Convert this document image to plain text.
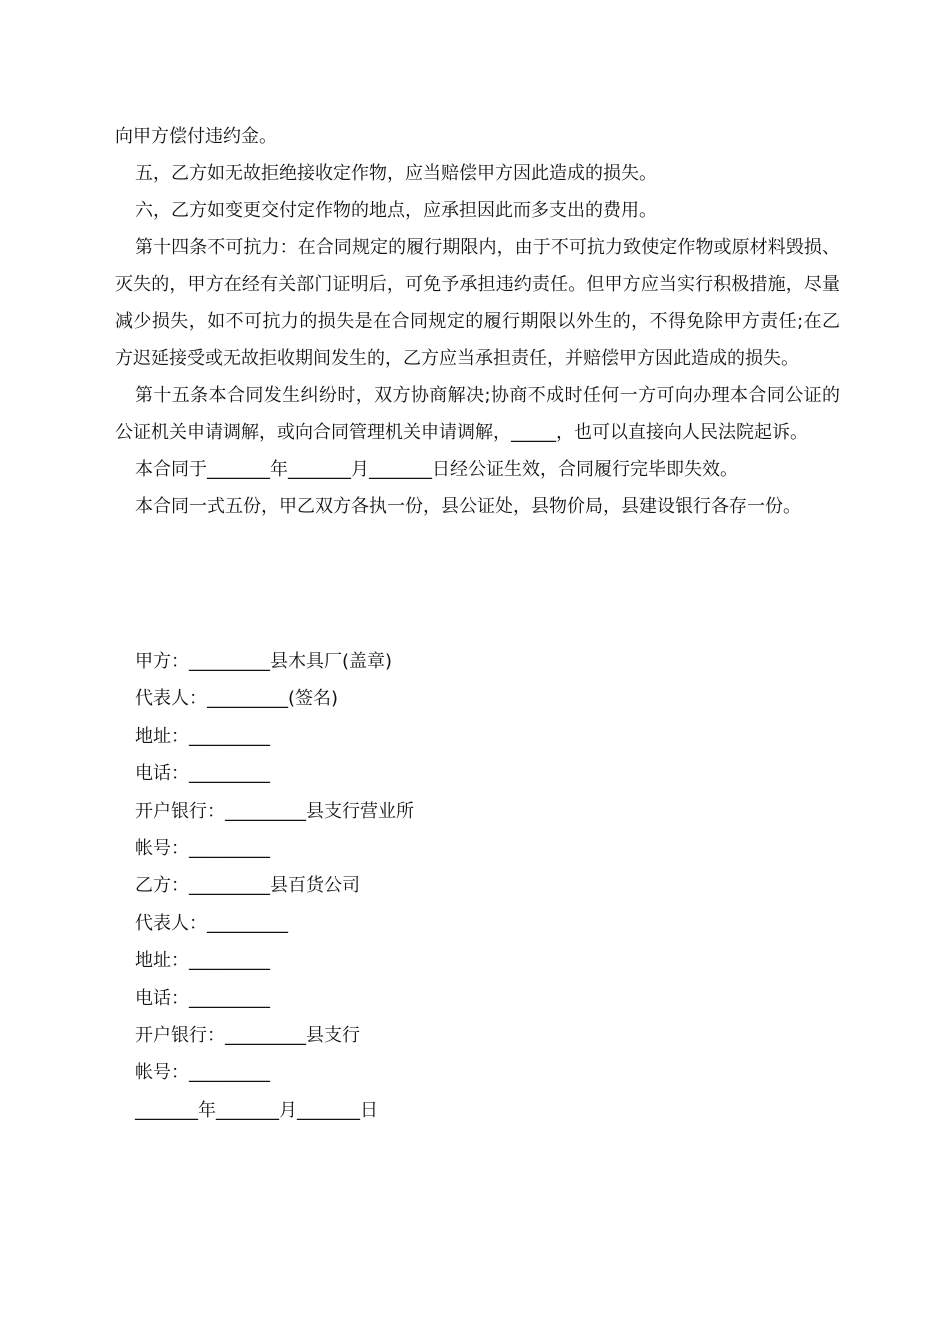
向甲方偿付违约金。

五，乙方如无故拒绝接收定作物，应当赔偿甲方因此造成的损失。

六，乙方如变更交付定作物的地点，应承担因此而多支出的费用。

第十四条不可抗力：在合同规定的履行期限内，由于不可抗力致使定作物或原材料毁损、灭失的，甲方在经有关部门证明后，可免予承担违约责任。但甲方应当实行积极措施，尽量减少损失，如不可抗力的损失是在合同规定的履行期限以外生的，不得免除甲方责任;在乙方迟延接受或无故拒收期间发生的，乙方应当承担责任，并赔偿甲方因此造成的损失。

第十五条本合同发生纠纷时，双方协商解决;协商不成时任何一方可向办理本合同公证的公证机关申请调解，或向合同管理机关申请调解，_____，也可以直接向人民法院起诉。

本合同于_______年_______月_______日经公证生效，合同履行完毕即失效。

本合同一式五份，甲乙双方各执一份，县公证处，县物价局，县建设银行各存一份。

甲方：_________县木具厂(盖章)

代表人：_________(签名)

地址：_________

电话：_________

开户银行：_________县支行营业所

帐号：_________

乙方：_________县百货公司

代表人：_________

地址：_________

电话：_________

开户银行：_________县支行

帐号：_________

_______年_______月_______日
